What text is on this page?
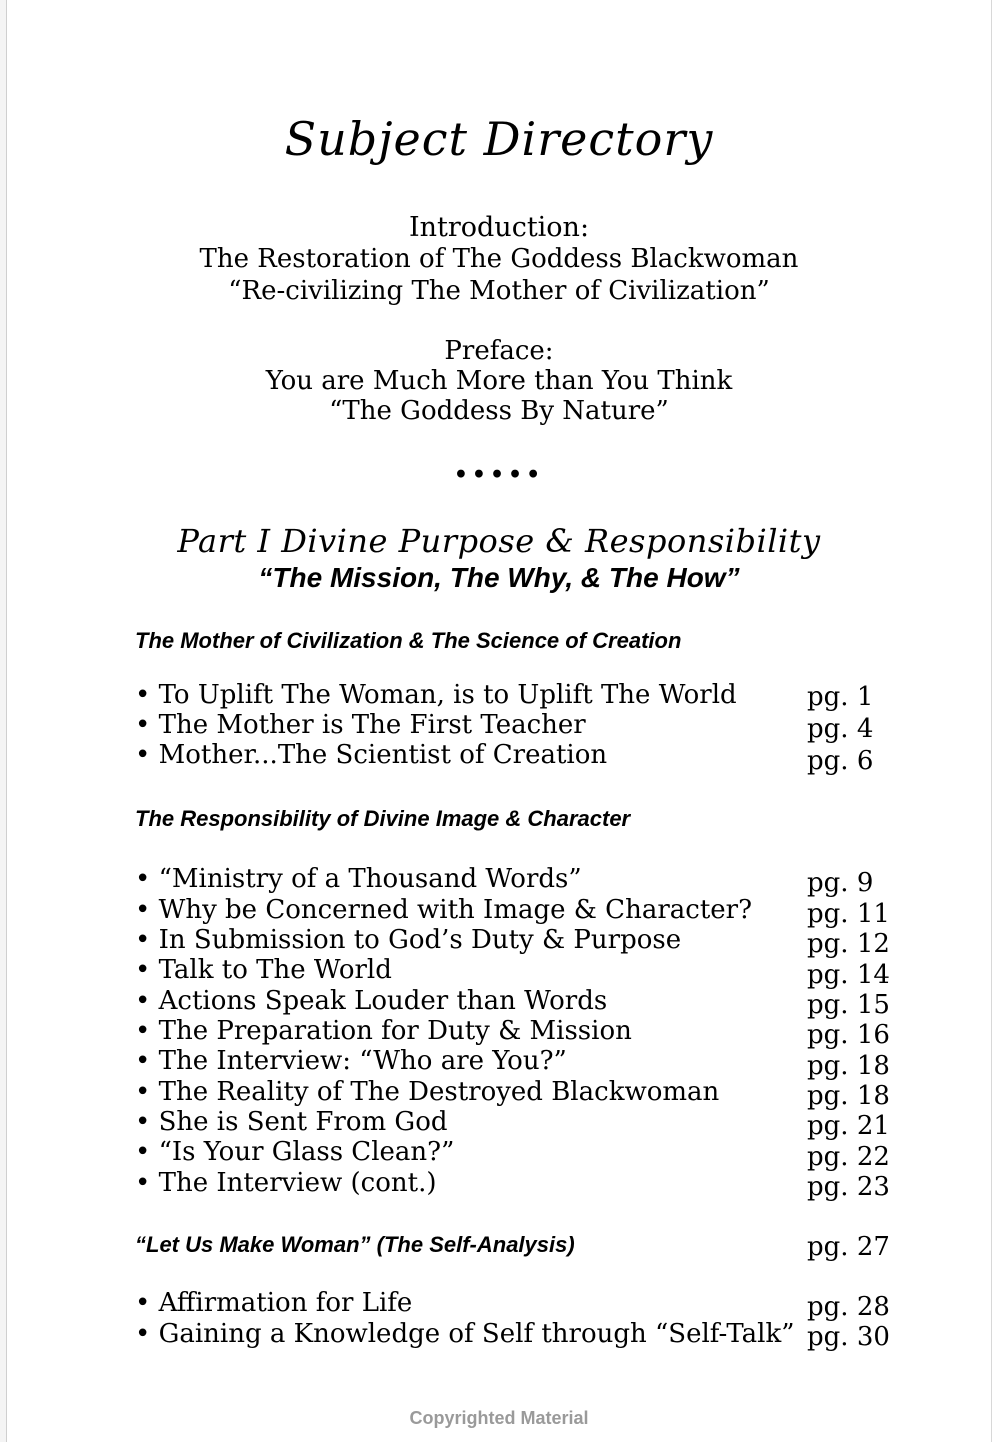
Subject Directory
Introduction:
The Restoration of The Goddess Blackwoman
“Re-civilizing The Mother of Civilization”
Preface:
You are Much More than You Think
“The Goddess By Nature”
•••••
Part I Divine Purpose & Responsibility
“The Mission, The Why, & The How”
The Mother of Civilization & The Science of Creation
• To Uplift The Woman, is to Uplift The World	pg. 1
• The Mother is The First Teacher	pg. 4
• Mother...The Scientist of Creation	pg. 6
The Responsibility of Divine Image & Character
• “Ministry of a Thousand Words”	pg. 9
• Why be Concerned with Image & Character? pg. 11
• In Submission to God’s Duty & Purpose	pg. 12
• Talk to The World	pg. 14
• Actions Speak Louder than Words	pg. 15
• The Preparation for Duty & Mission	pg. 16
• The Interview: “Who are You?”	pg. 18
• The Reality of The Destroyed Blackwoman	pg. 18
• She is Sent From God	pg. 21
• “Is Your Glass Clean?”	pg. 22
• The Interview (cont.)	pg. 23
“Let Us Make Woman” (The Self-Analysis)	pg. 27
• Affirmation for Life	pg. 28
• Gaining a Knowledge of Self through “Self-Talk” pg. 30
Copyrighted Material
